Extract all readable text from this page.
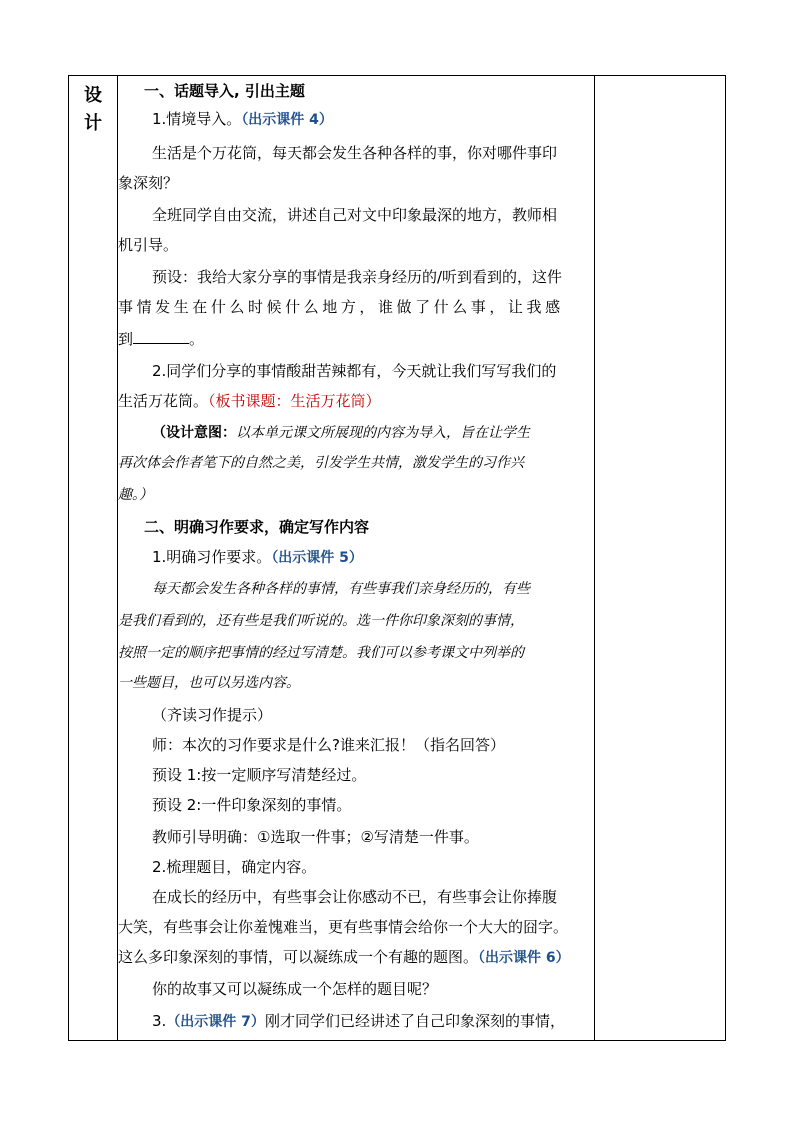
设
计
一、话题导入, 引出主题
1.情境导入。（出示课件 4）
生活是个万花筒，每天都会发生各种各样的事，你对哪件事印
象深刻？
全班同学自由交流，讲述自己对文中印象最深的地方，教师相
机引导。
预设：我给大家分享的事情是我亲身经历的/听到看到的，这件
事 情 发 生 在 什 么 时 候 什 么 地 方 ， 谁 做 了 什 么 事 ， 让 我 感
到	。
2.同学们分享的事情酸甜苦辣都有，今天就让我们写写我们的
生活万花筒。（板书课题：生活万花筒）
（设计意图：以本单元课文所展现的内容为导入，旨在让学生
再次体会作者笔下的自然之美，引发学生共情，激发学生的习作兴
趣。）
二、明确习作要求，确定写作内容
1.明确习作要求。（出示课件 5）
每天都会发生各种各样的事情，有些事我们亲身经历的，有些
是我们看到的，还有些是我们听说的。选一件你印象深刻的事情，
按照一定的顺序把事情的经过写清楚。我们可以参考课文中列举的
一些题目，也可以另选内容。
（齐读习作提示）
师：本次的习作要求是什么?谁来汇报！（指名回答）
预设 1:按一定顺序写清楚经过。
预设 2:一件印象深刻的事情。
教师引导明确：①选取一件事；②写清楚一件事。
2.梳理题目，确定内容。
在成长的经历中，有些事会让你感动不已，有些事会让你捧腹
大笑，有些事会让你羞愧难当，更有些事情会给你一个大大的囧字。
这么多印象深刻的事情，可以凝练成一个有趣的题图。（出示课件 6）
你的故事又可以凝练成一个怎样的题目呢？
3.（出示课件 7）刚才同学们已经讲述了自己印象深刻的事情，
